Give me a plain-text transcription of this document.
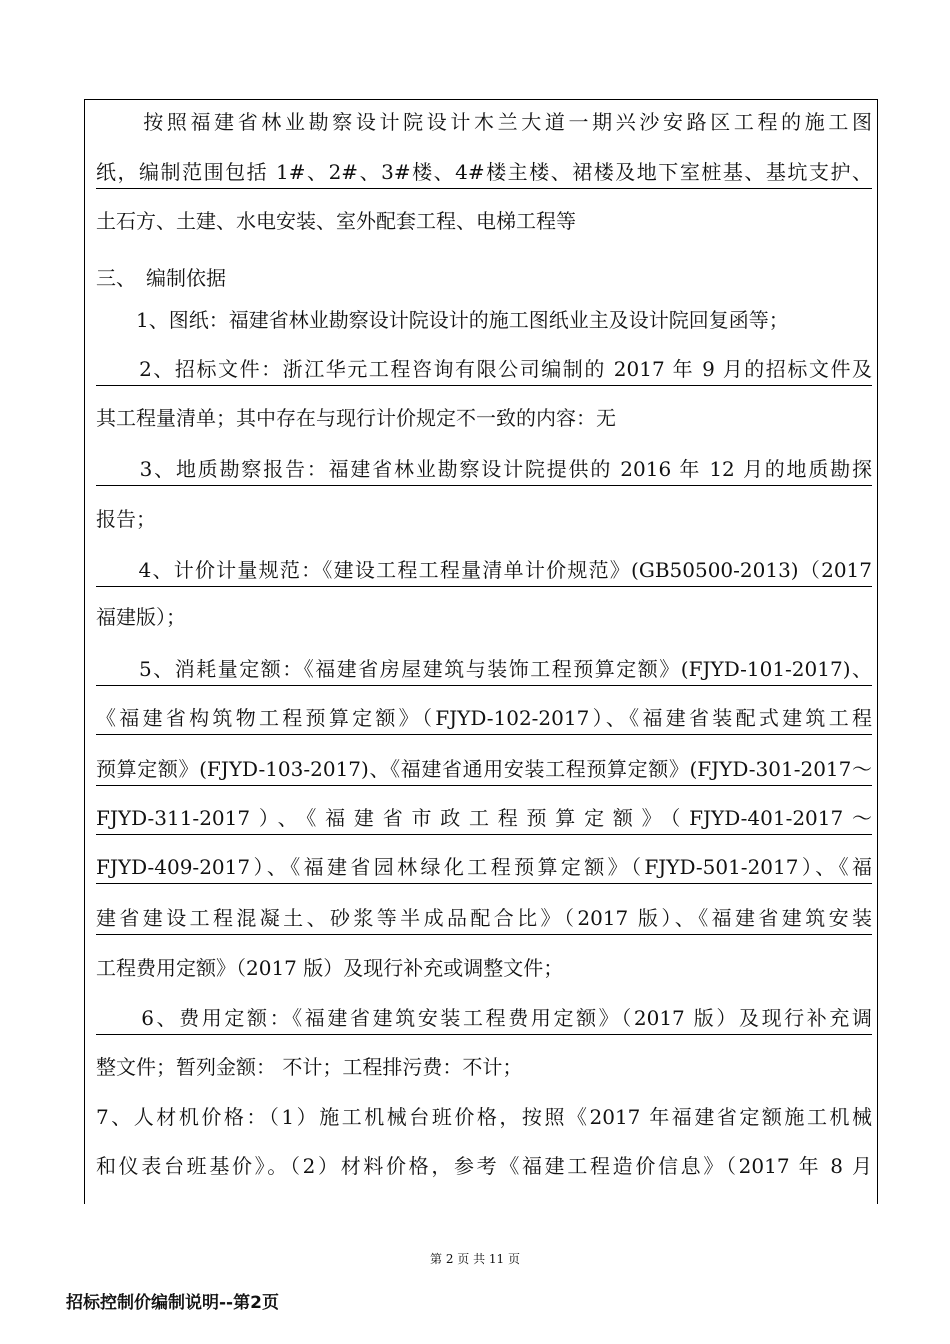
　　按照福建省林业勘察设计院设计木兰大道一期兴沙安路区工程的施工图
纸，编制范围包括 1#、2#、3#楼、4#楼主楼、裙楼及地下室桩基、基坑支护、
土石方、土建、水电安装、室外配套工程、电梯工程等
三、　编制依据
　　1、图纸：福建省林业勘察设计院设计的施工图纸业主及设计院回复函等；
　　2、招标文件：浙江华元工程咨询有限公司编制的 2017 年 9 月的招标文件及
其工程量清单；其中存在与现行计价规定不一致的内容：无
　　3、地质勘察报告：福建省林业勘察设计院提供的 2016 年 12 月的地质勘探
报告；
　　4、计价计量规范：《建设工程工程量清单计价规范》(GB50500-2013)（2017
福建版）；
　　5、消耗量定额：《福建省房屋建筑与装饰工程预算定额》(FJYD-101-2017)、
《福建省构筑物工程预算定额》（FJYD-102-2017）、《福建省装配式建筑工程
预算定额》(FJYD-103-2017)、《福建省通用安装工程预算定额》(FJYD-301-2017～
FJYD-311-2017）、《福建省市政工程预算定额》（FJYD-401-2017～
FJYD-409-2017）、《福建省园林绿化工程预算定额》（FJYD-501-2017）、《福
建省建设工程混凝土、砂浆等半成品配合比》（2017 版）、《福建省建筑安装
工程费用定额》（2017 版）及现行补充或调整文件；
　　6、费用定额：《福建省建筑安装工程费用定额》（2017 版）及现行补充调
整文件；暂列金额： 不计；工程排污费：不计；
7、人材机价格：（1）施工机械台班价格，按照《2017 年福建省定额施工机械
和仪表台班基价》。（2）材料价格，参考《福建工程造价信息》（2017 年 8 月
第 2 页 共 11 页
招标控制价编制说明--第2页
